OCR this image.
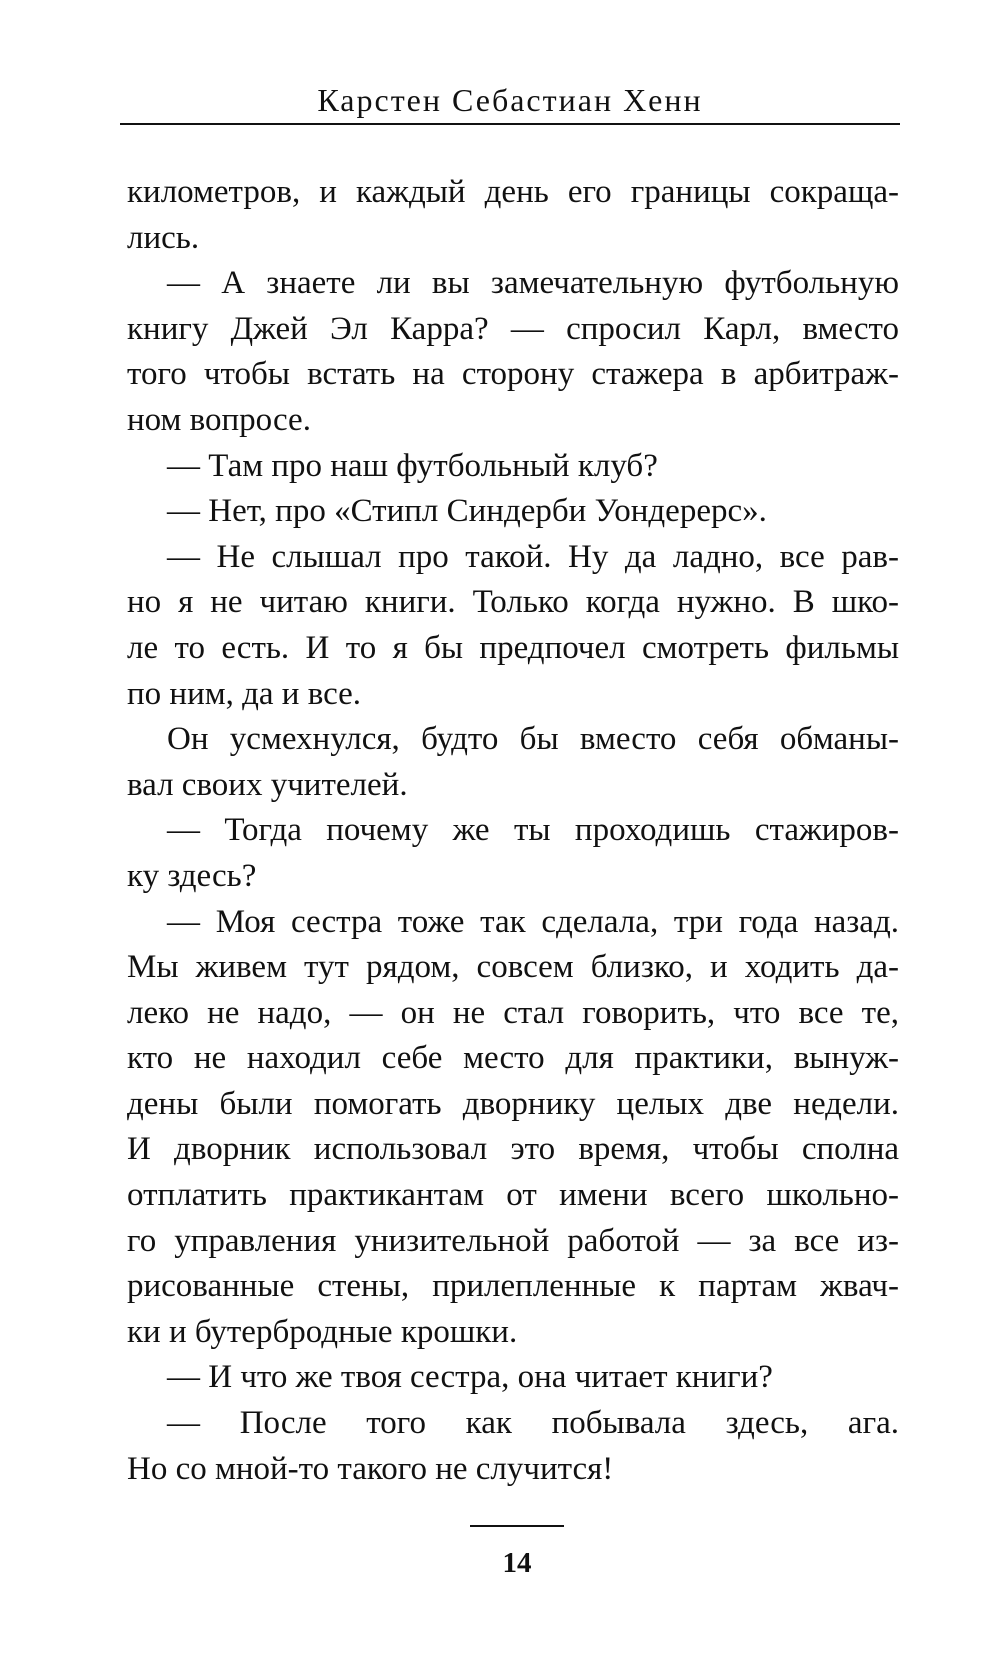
Карстен Себастиан Хенн
километров, и каждый день его границы сокраща-
лись.
— А знаете ли вы замечательную футбольную
книгу Джей Эл Карра? — спросил Карл, вместо
того чтобы встать на сторону стажера в арбитраж-
ном вопросе.
— Там про наш футбольный клуб?
— Нет, про «Стипл Синдерби Уондерерс».
— Не слышал про такой. Ну да ладно, все рав-
но я не читаю книги. Только когда нужно. В шко-
ле то есть. И то я бы предпочел смотреть фильмы
по ним, да и все.
Он усмехнулся, будто бы вместо себя обманы-
вал своих учителей.
— Тогда почему же ты проходишь стажиров-
ку здесь?
— Моя сестра тоже так сделала, три года назад.
Мы живем тут рядом, совсем близко, и ходить да-
леко не надо, — он не стал говорить, что все те,
кто не находил себе место для практики, вынуж-
дены были помогать дворнику целых две недели.
И дворник использовал это время, чтобы сполна
отплатить практикантам от имени всего школьно-
го управления унизительной работой — за все из-
рисованные стены, прилепленные к партам жвач-
ки и бутербродные крошки.
— И что же твоя сестра, она читает книги?
— После того как побывала здесь, ага.
Но со мной-то такого не случится!
14
